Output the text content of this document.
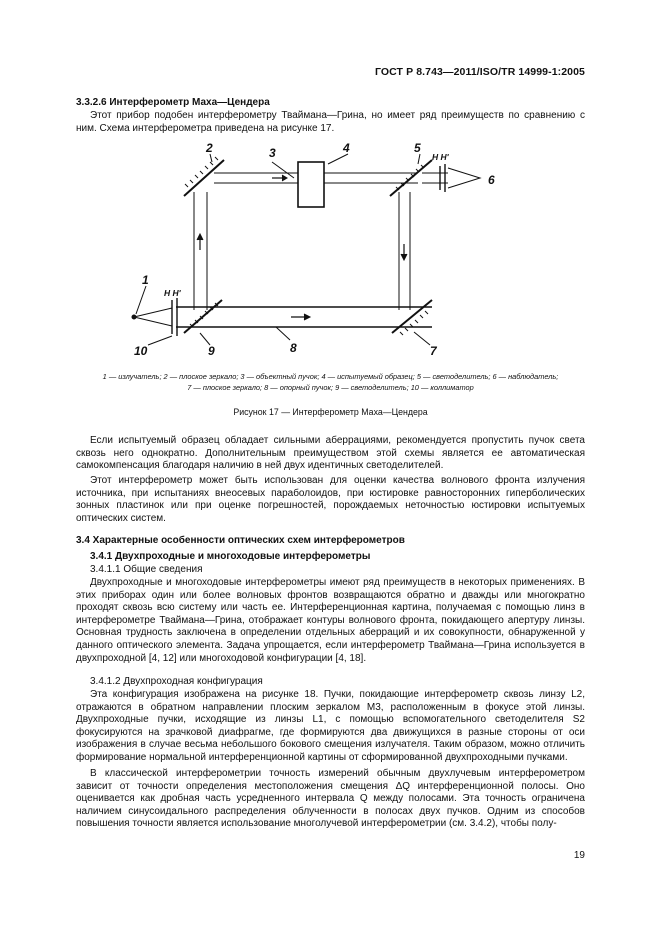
ГОСТ Р 8.743—2011/ISO/TR 14999-1:2005
3.3.2.6 Интерферометр Маха—Цендера
Этот прибор подобен интерферометру Тваймана—Грина, но имеет ряд преимуществ по сравнению с ним. Схема интерферометра приведена на рисунке 17.
2	3	4	5
6
1
10	9	8	7
H H'
H H'
1 — излучатель; 2 — плоское зеркало; 3 — объектный пучок; 4 — испытуемый образец; 5 — светоделитель; 6 — наблюдатель;
7 — плоское зеркало; 8 — опорный пучок; 9 — светоделитель; 10 — коллиматор
Рисунок 17 — Интерферометр Маха—Цендера
Если испытуемый образец обладает сильными аберрациями, рекомендуется пропустить пучок света сквозь него однократно. Дополнительным преимуществом этой схемы является ее автоматическая самокомпенсация благодаря наличию в ней двух идентичных светоделителей.
Этот интерферометр может быть использован для оценки качества волнового фронта излучения источника, при испытаниях внеосевых параболоидов, при юстировке равносторонних гиперболических зонных пластинок или при оценке погрешностей, порождаемых неточностью юстировки испытуемых оптических систем.
3.4 Характерные особенности оптических схем интерферометров
3.4.1 Двухпроходные и многоходовые интерферометры
3.4.1.1 Общие сведения
Двухпроходные и многоходовые интерферометры имеют ряд преимуществ в некоторых применениях. В этих приборах один или более волновых фронтов возвращаются обратно и дважды или многократно проходят сквозь всю систему или часть ее. Интерференционная картина, получаемая с помощью линз в интерферометре Тваймана—Грина, отображает контуры волнового фронта, покидающего апертуру линзы. Основная трудность заключена в определении отдельных аберраций и их совокупности, обнаруженной у данного оптического элемента. Задача упрощается, если интерферометр Тваймана—Грина используется в двухпроходной [4, 12] или многоходовой конфигурации [4, 18].
3.4.1.2 Двухпроходная конфигурация
Эта конфигурация изображена на рисунке 18. Пучки, покидающие интерферометр сквозь линзу L2, отражаются в обратном направлении плоским зеркалом M3, расположенным в фокусе этой линзы. Двухпроходные пучки, исходящие из линзы L1, с помощью вспомогательного светоделителя S2 фокусируются на зрачковой диафрагме, где формируются два движущихся в разные стороны от оси изображения в случае весьма небольшого бокового смещения излучателя. Таким образом, можно отличить формирование нормальной интерференционной картины от сформированной двухпроходными пучками.
В классической интерферометрии точность измерений обычным двухлучевым интерферометром зависит от точности определения местоположения смещения ΔQ интерференционной полосы. Оно оценивается как дробная часть усредненного интервала Q между полосами. Эта точность ограничена наличием синусоидального распределения облученности в полосах двух пучков. Одним из способов повышения точности является использование многолучевой интерферометрии (см. 3.4.2), чтобы полу-
19
